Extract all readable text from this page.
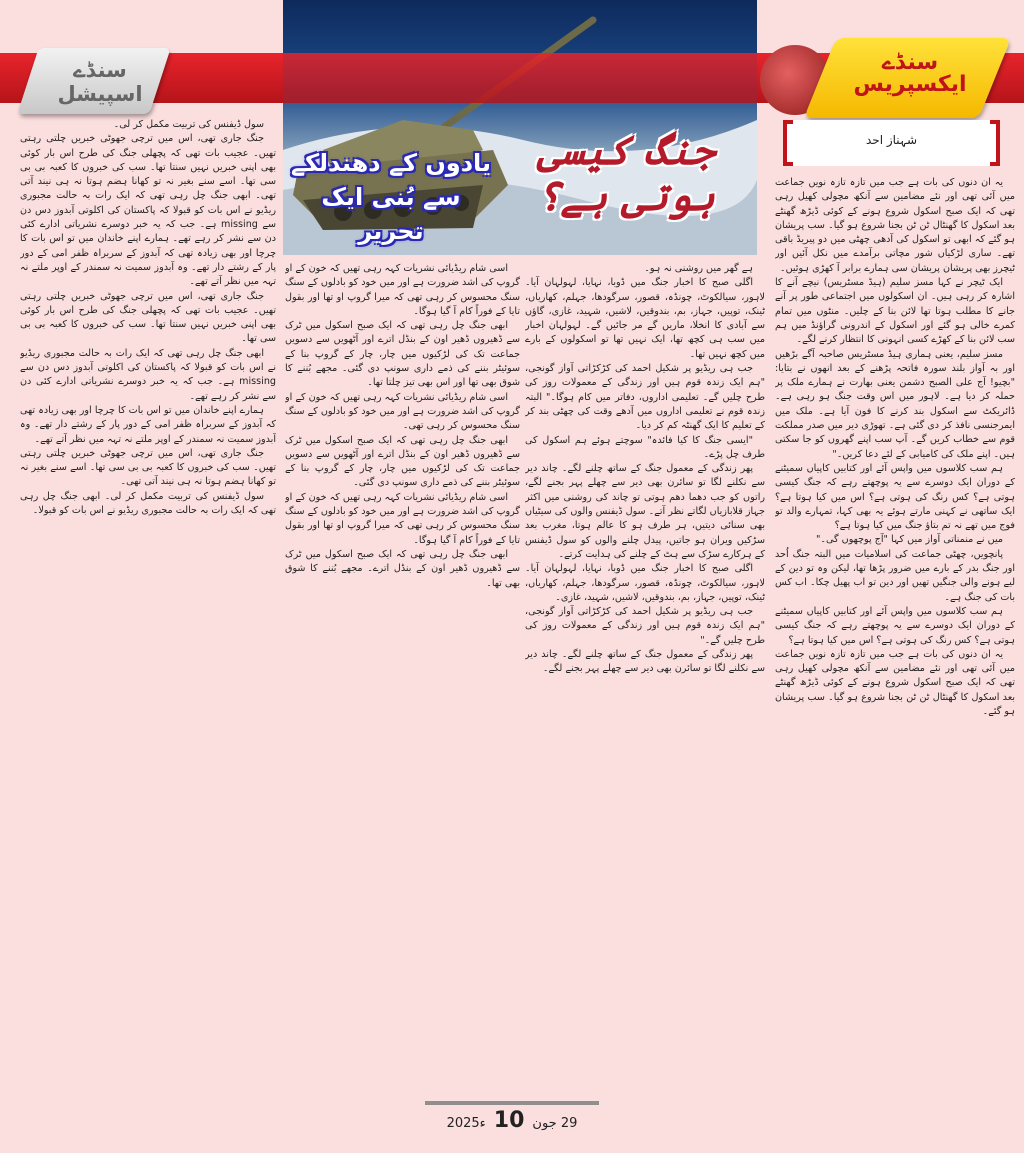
سنڈے اسپیشل
سنڈے ایکسپریس
شہناز احد
جنگ کیسی ہوتی ہے؟
یادوں کے دھندلکے سے بُنی ایک تحریر

یہ ان دنوں کی بات ہے جب میں تازہ تازہ نویں جماعت میں آئی تھی اور نئے مضامین سے آنکھ مچولی کھیل رہی تھی کہ ایک صبح اسکول شروع ہونے کے کوئی ڈیڑھ گھنٹے بعد اسکول کا گھنٹال ٹن ٹن بجنا شروع ہو گیا۔ سب پریشان ہو گئے کہ ابھی تو اسکول کی آدھی چھٹی میں دو پیریڈ باقی تھے۔ ساری لڑکیاں شور مچاتی برآمدے میں نکل آئیں اور ٹیچرز بھی پریشان پریشان سی ہمارے برابر آ کھڑی ہوئیں۔

ایک ٹیچر نے کہا مسز سلیم (ہیڈ مسٹریس) نیچے آنے کا اشارہ کر رہی ہیں۔ ان اسکولوں میں اجتماعی طور پر آنے جانے کا مطلب ہوتا تھا لائن بنا کے چلیں۔ منٹوں میں تمام کمرے خالی ہو گئے اور اسکول کے اندرونی گراؤنڈ میں ہم سب لائن بنا کے کھڑے کسی انہونی کا انتظار کرنے لگے۔

مسز سلیم، یعنی ہماری ہیڈ مسٹریس صاحبہ آگے بڑھیں اور بہ آواز بلند سورہ فاتحہ پڑھنے کے بعد انھوں نے بتایا: "بچیو! آج علی الصبح دشمن یعنی بھارت نے ہمارے ملک پر حملہ کر دیا ہے۔ لاہور میں اس وقت جنگ ہو رہی ہے۔ ڈائریکٹ سے اسکول بند کرنے کا فون آیا ہے۔ ملک میں ایمرجنسی نافذ کر دی گئی ہے۔ تھوڑی دیر میں صدر مملکت قوم سے خطاب کریں گے۔ آپ سب اپنے گھروں کو جا سکتی ہیں۔ اپنے ملک کی کامیابی کے لئے دعا کریں۔"

ہم سب کلاسوں میں واپس آئے اور کتابیں کاپیاں سمیٹنے کے دوران ایک دوسرے سے یہ پوچھتے رہے کہ جنگ کیسی ہوتی ہے؟ کس رنگ کی ہوتی ہے؟ اس میں کیا ہوتا ہے؟ ایک ساتھی نے کہنی مارتے ہوئے یہ بھی کہا، تمہارے والد تو فوج میں تھے نہ تم بتاؤ جنگ میں کیا ہوتا ہے؟

میں نے منمناتی آواز میں کہا "آج پوچھوں گی۔"

پانچویں، چھٹی جماعت کی اسلامیات میں البتہ جنگ اُحد اور جنگ بدر کے بارے میں ضرور پڑھا تھا، لیکن وہ تو دین کے لیے ہونے والی جنگیں تھیں اور دین تو اب پھیل چکا۔ اب کس بات کی جنگ ہے۔

ہم سب کلاسوں میں واپس آئے اور کتابیں کاپیاں سمیٹنے کے دوران ایک دوسرے سے یہ پوچھتے رہے کہ جنگ کیسی ہوتی ہے؟ کس رنگ کی ہوتی ہے؟ اس میں کیا ہوتا ہے؟

یہ ان دنوں کی بات ہے جب میں تازہ تازہ نویں جماعت میں آئی تھی اور نئے مضامین سے آنکھ مچولی کھیل رہی تھی کہ ایک صبح اسکول شروع ہونے کے کوئی ڈیڑھ گھنٹے بعد اسکول کا گھنٹال ٹن ٹن بجنا شروع ہو گیا۔ سب پریشان ہو گئے۔

ہے گھر میں روشنی نہ ہو۔

اگلی صبح کا اخبار جنگ میں ڈوبا، نہایا، لہولہان آیا۔ لاہور، سیالکوٹ، چونڈہ، قصور، سرگودھا، جہلم، کھاریاں، ٹینک، توپیں، جہاز، بم، بندوقیں، لاشیں، شہید، غازی، گاؤں سے آبادی کا انخلا، ماریں گے مر جائیں گے۔ لہولہان اخبار میں سب ہی کچھ تھا، ایک نہیں تھا تو اسکولوں کے بارے میں کچھ نہیں تھا۔

جب ہی ریڈیو پر شکیل احمد کی کڑکڑاتی آواز گونجی، "ہم ایک زندہ قوم ہیں اور زندگی کے معمولات روز کی طرح چلیں گے۔ تعلیمی اداروں، دفاتر میں کام ہوگا۔" البتہ زندہ قوم نے تعلیمی اداروں میں آدھے وقت کی چھٹی بند کر کے تعلیم کا ایک گھنٹہ کم کر دیا۔

"ایسی جنگ کا کیا فائدہ" سوچتے ہوئے ہم اسکول کی طرف چل پڑے۔

پھر زندگی کے معمول جنگ کے ساتھ چلنے لگے۔ چاند دیر سے نکلنے لگا تو سائرن بھی دیر سے چھلے پہر بجنے لگے، راتوں کو جب دھما دھم ہوتی تو چاند کی روشنی میں اکثر جہاز قلابازیاں لگاتے نظر آتے۔ سول ڈیفنس والوں کی سیٹیاں بھی سنائی دیتیں، ہر طرف ہو کا عالم ہوتا، مغرب بعد سڑکیں ویران ہو جاتیں، پیدل چلنے والوں کو سول ڈیفنس کے ہرکارے سڑک سے ہٹ کے چلنے کی ہدایت کرتے۔

اگلی صبح کا اخبار جنگ میں ڈوبا، نہایا، لہولہان آیا۔ لاہور، سیالکوٹ، چونڈہ، قصور، سرگودھا، جہلم، کھاریاں، ٹینک، توپیں، جہاز، بم، بندوقیں، لاشیں، شہید، غازی۔

جب ہی ریڈیو پر شکیل احمد کی کڑکڑاتی آواز گونجی، "ہم ایک زندہ قوم ہیں اور زندگی کے معمولات روز کی طرح چلیں گے۔"

پھر زندگی کے معمول جنگ کے ساتھ چلنے لگے۔ چاند دیر سے نکلنے لگا تو سائرن بھی دیر سے چھلے پہر بجنے لگے۔

اسی شام ریڈیائی نشریات کہہ رہی تھیں کہ خون کے او گروپ کی اشد ضرورت ہے اور میں خود کو بادلوں کے سنگ سنگ محسوس کر رہی تھی کہ میرا گروپ او تھا اور بقول تایا کے فوراً کام آ گیا ہوگا۔

ابھی جنگ چل رہی تھی کہ ایک صبح اسکول میں ٹرک سے ڈھیروں ڈھیر اون کے بنڈل اترے اور آٹھویں سے دسویں جماعت تک کی لڑکیوں میں چار، چار کے گروپ بنا کے سوئیٹر بننے کی ذمے داری سونپ دی گئی۔ مجھے بُننے کا شوق بھی تھا اور اس بھی تیز چلتا تھا۔

اسی شام ریڈیائی نشریات کہہ رہی تھیں کہ خون کے او گروپ کی اشد ضرورت ہے اور میں خود کو بادلوں کے سنگ سنگ محسوس کر رہی تھی۔

ابھی جنگ چل رہی تھی کہ ایک صبح اسکول میں ٹرک سے ڈھیروں ڈھیر اون کے بنڈل اترے اور آٹھویں سے دسویں جماعت تک کی لڑکیوں میں چار، چار کے گروپ بنا کے سوئیٹر بننے کی ذمے داری سونپ دی گئی۔

اسی شام ریڈیائی نشریات کہہ رہی تھیں کہ خون کے او گروپ کی اشد ضرورت ہے اور میں خود کو بادلوں کے سنگ سنگ محسوس کر رہی تھی کہ میرا گروپ او تھا اور بقول تایا کے فوراً کام آ گیا ہوگا۔

ابھی جنگ چل رہی تھی کہ ایک صبح اسکول میں ٹرک سے ڈھیروں ڈھیر اون کے بنڈل اترے۔ مجھے بُننے کا شوق بھی تھا۔

سول ڈیفنس کی تربیت مکمل کر لی۔

جنگ جاری تھی، اس میں ترچی جھوٹی خبریں چلتی رہتی تھیں۔ عجیب بات تھی کہ پچھلی جنگ کی طرح اس بار کوئی بھی اپنی خبریں نہیں سنتا تھا۔ سب کی خبروں کا کعبہ بی بی سی تھا۔ اسے سنے بغیر نہ تو کھانا ہضم ہوتا نہ ہی نیند آتی تھی۔ ابھی جنگ چل رہی تھی کہ ایک رات بہ حالت مجبوری ریڈیو نے اس بات کو قبولا کہ پاکستان کی اکلوتی آبدوز دس دن سے missing ہے۔ جب کہ یہ خبر دوسرے نشریاتی ادارے کئی دن سے نشر کر رہے تھے۔ ہمارے اپنے خاندان میں تو اس بات کا چرچا اور بھی زیادہ تھی کہ آبدوز کے سربراہ ظفر امی کے دور پار کے رشتے دار تھے۔ وہ آبدوز سمیت نہ سمندر کے اوپر ملتے نہ تہہ میں نظر آتے تھے۔

جنگ جاری تھی، اس میں ترچی جھوٹی خبریں چلتی رہتی تھیں۔ عجیب بات تھی کہ پچھلی جنگ کی طرح اس بار کوئی بھی اپنی خبریں نہیں سنتا تھا۔ سب کی خبروں کا کعبہ بی بی سی تھا۔

ابھی جنگ چل رہی تھی کہ ایک رات بہ حالت مجبوری ریڈیو نے اس بات کو قبولا کہ پاکستان کی اکلوتی آبدوز دس دن سے missing ہے۔ جب کہ یہ خبر دوسرے نشریاتی ادارے کئی دن سے نشر کر رہے تھے۔

ہمارے اپنے خاندان میں تو اس بات کا چرچا اور بھی زیادہ تھی کہ آبدوز کے سربراہ ظفر امی کے دور پار کے رشتے دار تھے۔ وہ آبدوز سمیت نہ سمندر کے اوپر ملتے نہ تہہ میں نظر آتے تھے۔

جنگ جاری تھی، اس میں ترچی جھوٹی خبریں چلتی رہتی تھیں۔ سب کی خبروں کا کعبہ بی بی سی تھا۔ اسے سنے بغیر نہ تو کھانا ہضم ہوتا نہ ہی نیند آتی تھی۔

سول ڈیفنس کی تربیت مکمل کر لی۔ ابھی جنگ چل رہی تھی کہ ایک رات بہ حالت مجبوری ریڈیو نے اس بات کو قبولا۔

2025ء 10 29 جون
